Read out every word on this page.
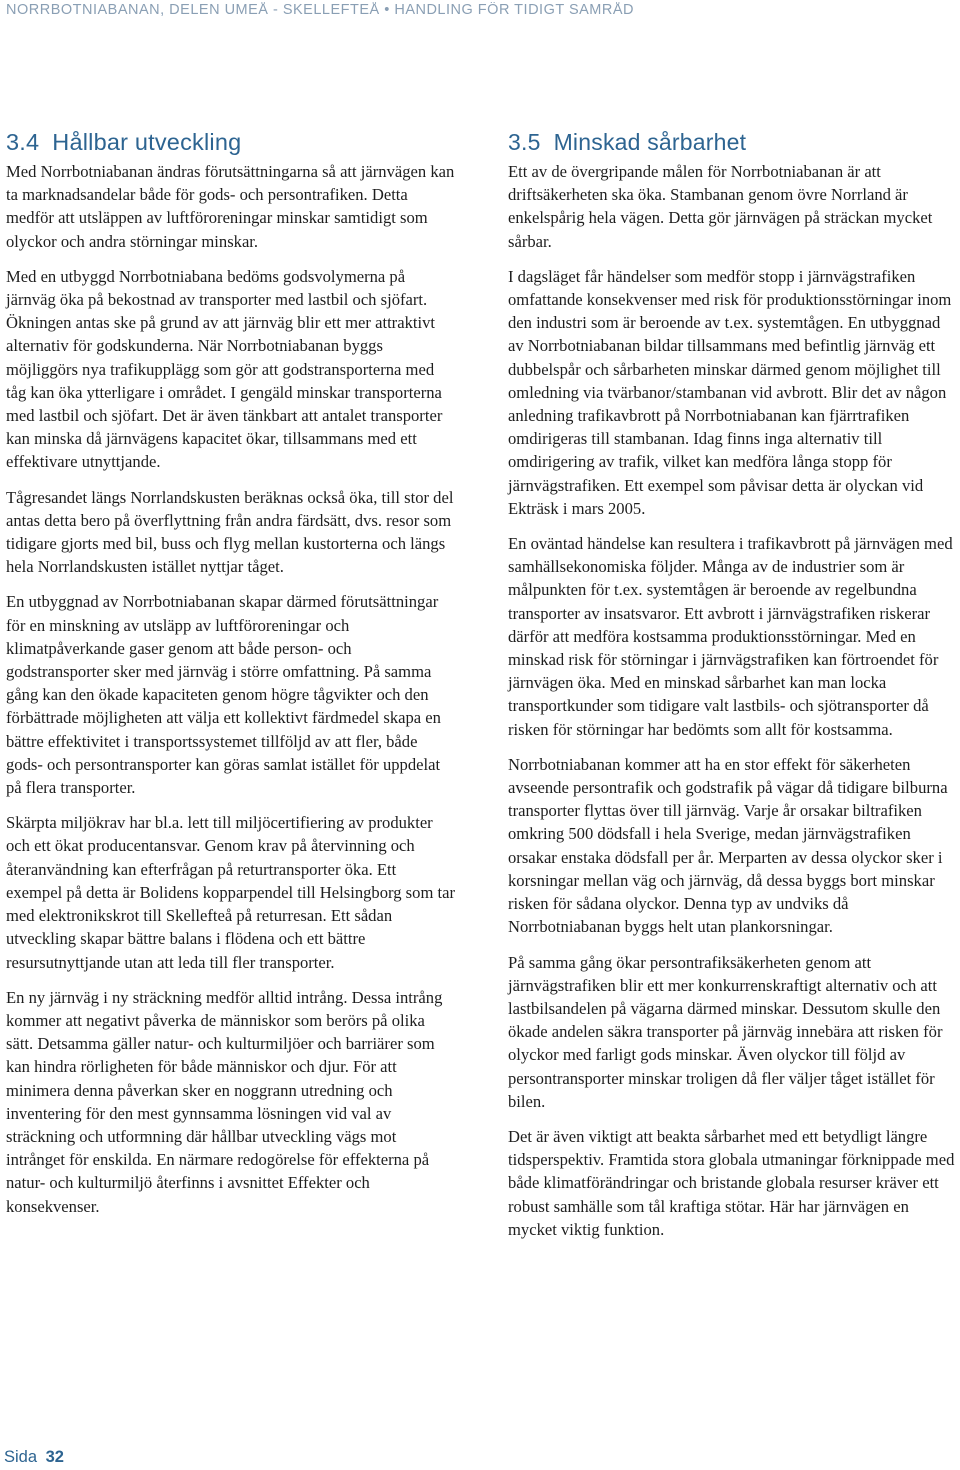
NORRBOTNIABANAN, DELEN UMEÅ - SKELLEFTEÅ • HANDLING FÖR TIDIGT SAMRÅD
3.4 Hållbar utveckling

Med Norrbotniabanan ändras förutsättningarna så att järnvägen kan ta marknadsandelar både för gods- och persontrafiken. Detta medför att utsläppen av luftföroreningar minskar samtidigt som olyckor och andra störningar minskar.

Med en utbyggd Norrbotniabana bedöms godsvolymerna på järnväg öka på bekostnad av transporter med lastbil och sjöfart. Ökningen antas ske på grund av att järnväg blir ett mer attraktivt alternativ för godskunderna. När Norrbotniabanan byggs möjliggörs nya trafikupplägg som gör att godstransporterna med tåg kan öka ytterligare i området. I gengäld minskar transporterna med lastbil och sjöfart. Det är även tänkbart att antalet transporter kan minska då järnvägens kapacitet ökar, tillsammans med ett effektivare utnyttjande.

Tågresandet längs Norrlandskusten beräknas också öka, till stor del antas detta bero på överflyttning från andra färdsätt, dvs. resor som tidigare gjorts med bil, buss och flyg mellan kustorterna och längs hela Norrlandskusten istället nyttjar tåget.

En utbyggnad av Norrbotniabanan skapar därmed förutsättningar för en minskning av utsläpp av luftföroreningar och klimatpåverkande gaser genom att både person- och godstransporter sker med järnväg i större omfattning. På samma gång kan den ökade kapaciteten genom högre tågvikter och den förbättrade möjligheten att välja ett kollektivt färdmedel skapa en bättre effektivitet i transportssystemet tillföljd av att fler, både gods- och persontransporter kan göras samlat istället för uppdelat på flera transporter.

Skärpta miljökrav har bl.a. lett till miljöcertifiering av produkter och ett ökat producentansvar. Genom krav på återvinning och återanvändning kan efterfrågan på returtransporter öka. Ett exempel på detta är Bolidens kopparpendel till Helsingborg som tar med elektronikskrot till Skellefteå på returresan. Ett sådan utveckling skapar bättre balans i flödena och ett bättre resursutnyttjande utan att leda till fler transporter.

En ny järnväg i ny sträckning medför alltid intrång. Dessa intrång kommer att negativt påverka de människor som berörs på olika sätt. Detsamma gäller natur- och kulturmiljöer och barriärer som kan hindra rörligheten för både människor och djur. För att minimera denna påverkan sker en noggrann utredning och inventering för den mest gynnsamma lösningen vid val av sträckning och utformning där hållbar utveckling vägs mot intrånget för enskilda. En närmare redogörelse för effekterna på natur- och kulturmiljö återfinns i avsnittet Effekter och konsekvenser.

3.5 Minskad sårbarhet

Ett av de övergripande målen för Norrbotniabanan är att driftsäkerheten ska öka. Stambanan genom övre Norrland är enkelspårig hela vägen. Detta gör järnvägen på sträckan mycket sårbar.

I dagsläget får händelser som medför stopp i järnvägstrafiken omfattande konsekvenser med risk för produktionsstörningar inom den industri som är beroende av t.ex. systemtågen. En utbyggnad av Norrbotniabanan bildar tillsammans med befintlig järnväg ett dubbelspår och sårbarheten minskar därmed genom möjlighet till omledning via tvärbanor/stambanan vid avbrott. Blir det av någon anledning trafikavbrott på Norrbotniabanan kan fjärrtrafiken omdirigeras till stambanan. Idag finns inga alternativ till omdirigering av trafik, vilket kan medföra långa stopp för järnvägstrafiken. Ett exempel som påvisar detta är olyckan vid Ekträsk i mars 2005.

En oväntad händelse kan resultera i trafikavbrott på järnvägen med samhällsekonomiska följder. Många av de industrier som är målpunkten för t.ex. systemtågen är beroende av regelbundna transporter av insatsvaror. Ett avbrott i järnvägstrafiken riskerar därför att medföra kostsamma produktionsstörningar. Med en minskad risk för störningar i järnvägstrafiken kan förtroendet för järnvägen öka. Med en minskad sårbarhet kan man locka transportkunder som tidigare valt lastbils- och sjötransporter då risken för störningar har bedömts som allt för kostsamma.

Norrbotniabanan kommer att ha en stor effekt för säkerheten avseende persontrafik och godstrafik på vägar då tidigare bilburna transporter flyttas över till järnväg. Varje år orsakar biltrafiken omkring 500 dödsfall i hela Sverige, medan järnvägstrafiken orsakar enstaka dödsfall per år. Merparten av dessa olyckor sker i korsningar mellan väg och järnväg, då dessa byggs bort minskar risken för sådana olyckor. Denna typ av undviks då Norrbotniabanan byggs helt utan plankorsningar.

På samma gång ökar persontrafiksäkerheten genom att järnvägstrafiken blir ett mer konkurrenskraftigt alternativ och att lastbilsandelen på vägarna därmed minskar. Dessutom skulle den ökade andelen säkra transporter på järnväg innebära att risken för olyckor med farligt gods minskar. Även olyckor till följd av persontransporter minskar troligen då fler väljer tåget istället för bilen.

Det är även viktigt att beakta sårbarhet med ett betydligt längre tidsperspektiv. Framtida stora globala utmaningar förknippade med både klimatförändringar och bristande globala resurser kräver ett robust samhälle som tål kraftiga stötar. Här har järnvägen en mycket viktig funktion.

Sida 32
